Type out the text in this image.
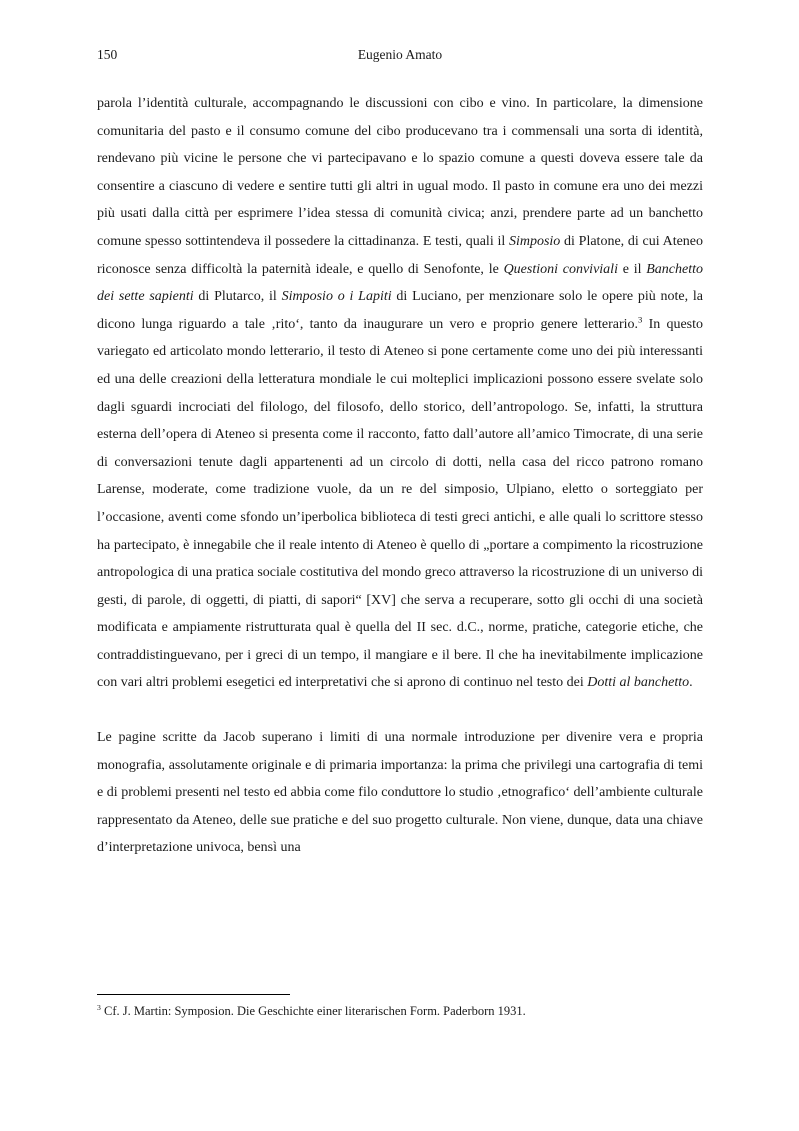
150	Eugenio Amato

parola l’identità culturale, accompagnando le discussioni con cibo e vino. In particolare, la dimensione comunitaria del pasto e il consumo comune del cibo producevano tra i commensali una sorta di identità, rendevano più vicine le persone che vi partecipavano e lo spazio comune a questi doveva essere tale da consentire a ciascuno di vedere e sentire tutti gli altri in ugual modo. Il pasto in comune era uno dei mezzi più usati dalla città per esprimere l’idea stessa di comunità civica; anzi, prendere parte ad un banchetto comune spesso sottintendeva il possedere la cittadinanza. E testi, quali il Simposio di Platone, di cui Ateneo riconosce senza difficoltà la paternità ideale, e quello di Senofonte, le Questioni conviviali e il Banchetto dei sette sapienti di Plutarco, il Simposio o i Lapiti di Luciano, per menzionare solo le opere più note, la dicono lunga riguardo a tale ‚rito‘, tanto da inaugurare un vero e proprio genere letterario.$^3$ In questo variegato ed articolato mondo letterario, il testo di Ateneo si pone certamente come uno dei più interessanti ed una delle creazioni della letteratura mondiale le cui molteplici implicazioni possono essere svelate solo dagli sguardi incrociati del filologo, del filosofo, dello storico, dell’antropologo. Se, infatti, la struttura esterna dell’opera di Ateneo si presenta come il racconto, fatto dall’autore all’amico Timocrate, di una serie di conversazioni tenute dagli appartenenti ad un circolo di dotti, nella casa del ricco patrono romano Larense, moderate, come tradizione vuole, da un re del simposio, Ulpiano, eletto o sorteggiato per l’occasione, aventi come sfondo un’iperbolica biblioteca di testi greci antichi, e alle quali lo scrittore stesso ha partecipato, è innegabile che il reale intento di Ateneo è quello di „portare a compimento la ricostruzione antropologica di una pratica sociale costitutiva del mondo greco attraverso la ricostruzione di un universo di gesti, di parole, di oggetti, di piatti, di sapori“ [XV] che serva a recuperare, sotto gli occhi di una società modificata e ampiamente ristrutturata qual è quella del II sec. d.C., norme, pratiche, categorie etiche, che contraddistinguevano, per i greci di un tempo, il mangiare e il bere. Il che ha inevitabilmente implicazione con vari altri problemi esegetici ed interpretativi che si aprono di continuo nel testo dei Dotti al banchetto.

Le pagine scritte da Jacob superano i limiti di una normale introduzione per divenire vera e propria monografia, assolutamente originale e di primaria importanza: la prima che privilegi una cartografia di temi e di problemi presenti nel testo ed abbia come filo conduttore lo studio ‚etnografico‘ dell’ambiente culturale rappresentato da Ateneo, delle sue pratiche e del suo progetto culturale. Non viene, dunque, data una chiave d’interpretazione univoca, bensì una

$^3$ Cf. J. Martin: Symposion. Die Geschichte einer literarischen Form. Paderborn 1931.
